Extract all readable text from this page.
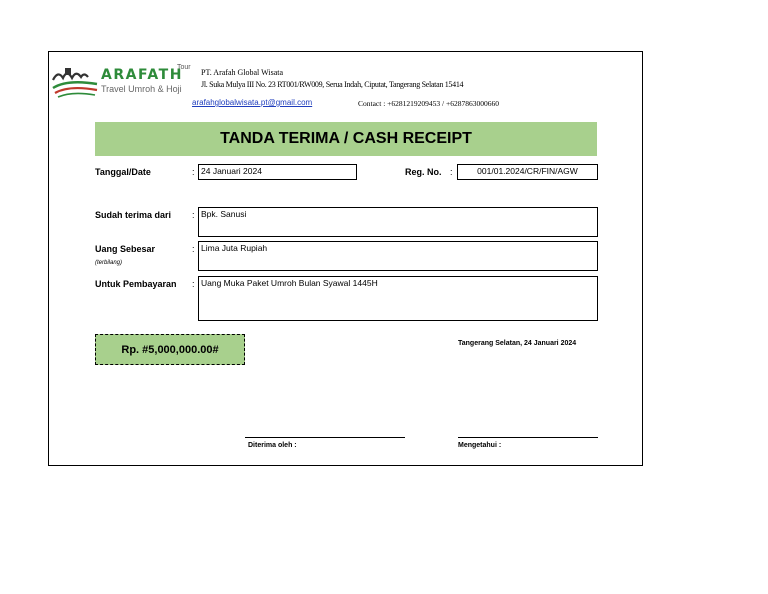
ARAFATH
Tour
Travel Umroh & Hoji
PT. Arafah Global Wisata
Jl. Suka Mulya III No. 23 RT001/RW009, Serua Indah, Ciputat, Tangerang Selatan 15414
arafahglobalwisata.pt@gmail.com	Contact : +6281219209453 / +6287863000660
TANDA TERIMA / CASH RECEIPT
Tanggal/Date	: 24 Januari 2024	Reg. No. :	001/01.2024/CR/FIN/AGW
Sudah terima dari : Bpk. Sanusi
Uang Sebesar
(terbilang)
: Lima Juta Rupiah
Untuk Pembayaran : Uang Muka Paket Umroh Bulan Syawal 1445H
Rp. #5,000,000.00#	Tangerang Selatan, 24 Januari 2024
Diterima oleh :	Mengetahui :
